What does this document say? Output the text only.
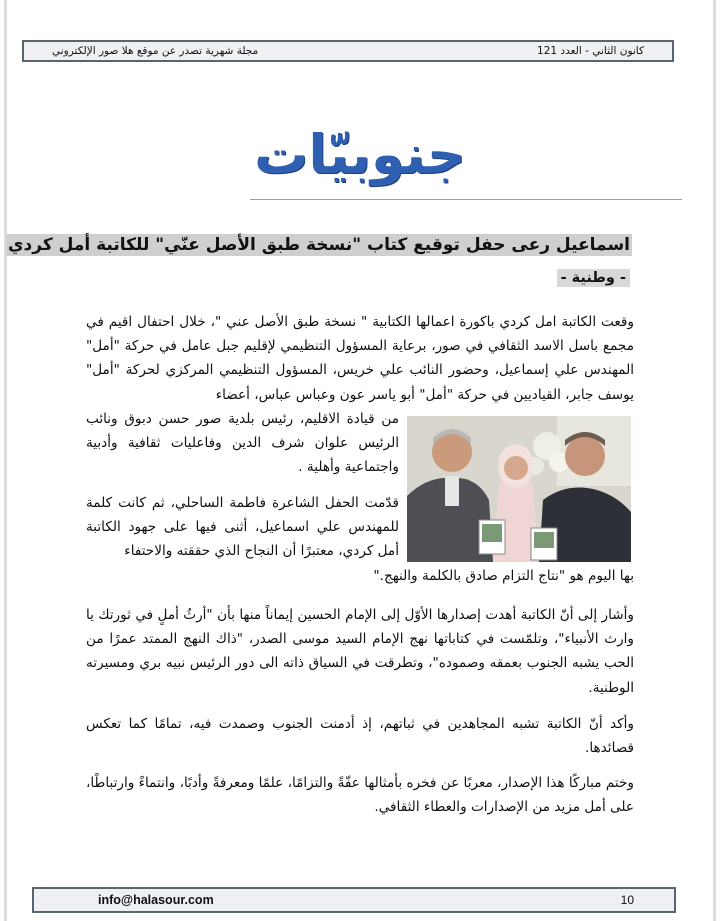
كانون الثاني - العدد 121
مجلة شهرية تصدر عن موقع هلا صور الإلكتروني
جنوبيّات
اسماعيل رعى حفل توقيع كتاب "نسخة طبق الأصل عنّي" للكاتبة أمل كردي
- وطنية -

وقعت الكاتبة امل كردي باكورة اعمالها الكتابية " نسخة طبق الأصل عني "، خلال احتفال اقيم في مجمع باسل الاسد الثقافي في صور، برعاية المسؤول التنظيمي لإقليم جبل عامل في حركة "أمل" المهندس علي إسماعيل، وحضور النائب علي خريس، المسؤول التنظيمي المركزي لحركة "أمل" يوسف جابر، القياديين في حركة "أمل" أبو ياسر عون وعباس عباس، أعضاء

من قيادة الاقليم، رئيس بلدية صور حسن دبوق ونائب الرئيس علوان شرف الدين وفاعليات ثقافية وأدبية واجتماعية وأهلية .

قدّمت الحفل الشاعرة فاطمة الساحلي، ثم كانت كلمة للمهندس علي اسماعيل، أثنى فيها على جهود الكاتبة أمل كردي، معتبرًا أن النجاح الذي حققته والاحتفاء

بها اليوم هو "نتاج التزام صادق بالكلمة والنهج."

وأشار إلى أنّ الكاتبة أهدت إصدارها الأوّل إلى الإمام الحسين إيماناً منها بأن "أرثُ أملٍ في ثورتك يا وارث الأنبياء"، وتلمّست في كتاباتها نهج الإمام السيد موسى الصدر، "ذاك النهج الممتد عمرًا من الحب يشبه الجنوب بعمقه وصموده"، وتطرقت في السياق ذاته الى دور الرئيس نبيه بري ومسيرته الوطنية.

وأكد أنّ الكاتبة تشبه المجاهدين في ثباتهم، إذ أدمنت الجنوب وصمدت فيه، تمامًا كما تعكس قصائدها.

وختم مباركًا هذا الإصدار، معربًا عن فخره بأمثالها عفّةً والتزامًا، علمًا ومعرفةً وأدبًا، وانتماءً وارتباطًا، على أمل مزيد من الإصدارات والعطاء الثقافي.

info@halasour.com	10
